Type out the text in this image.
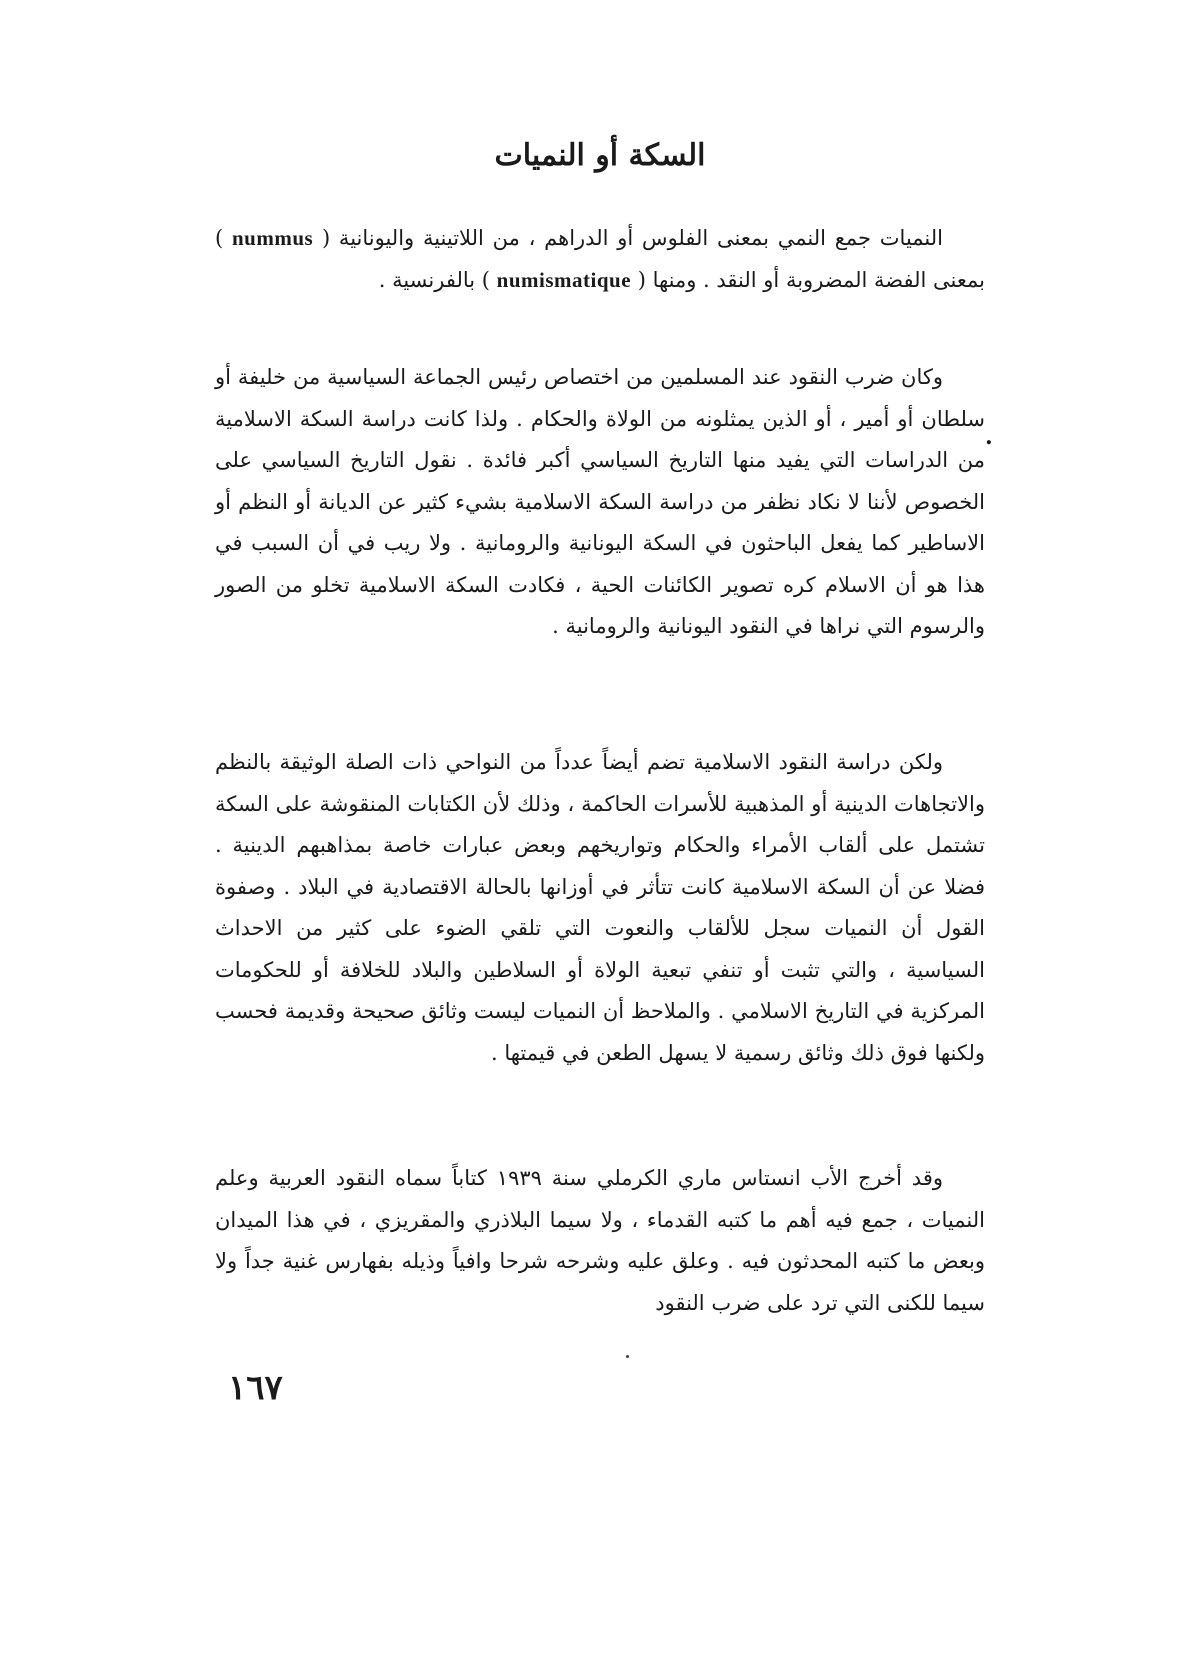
السكة أو النميات
النميات جمع النمي بمعنى الفلوس أو الدراهم ، من اللاتينية واليونانية ( nummus ) بمعنى الفضة المضروبة أو النقد . ومنها ( numismatique ) بالفرنسية .
وكان ضرب النقود عند المسلمين من اختصاص رئيس الجماعة السياسية من خليفة أو سلطان أو أمير ، أو الذين يمثلونه من الولاة والحكام . ولذا كانت دراسة السكة الاسلامية من الدراسات التي يفيد منها التاريخ السياسي أكبر فائدة . نقول التاريخ السياسي على الخصوص لأننا لا نكاد نظفر من دراسة السكة الاسلامية بشيء كثير عن الديانة أو النظم أو الاساطير كما يفعل الباحثون في السكة اليونانية والرومانية . ولا ريب في أن السبب في هذا هو أن الاسلام كره تصوير الكائنات الحية ، فكادت السكة الاسلامية تخلو من الصور والرسوم التي نراها في النقود اليونانية والرومانية .
.
ولكن دراسة النقود الاسلامية تضم أيضاً عدداً من النواحي ذات الصلة الوثيقة بالنظم والاتجاهات الدينية أو المذهبية للأسرات الحاكمة ، وذلك لأن الكتابات المنقوشة على السكة تشتمل على ألقاب الأمراء والحكام وتواريخهم وبعض عبارات خاصة بمذاهبهم الدينية . فضلا عن أن السكة الاسلامية كانت تتأثر في أوزانها بالحالة الاقتصادية في البلاد . وصفوة القول أن النميات سجل للألقاب والنعوت التي تلقي الضوء على كثير من الاحداث السياسية ، والتي تثبت أو تنفي تبعية الولاة أو السلاطين والبلاد للخلافة أو للحكومات المركزية في التاريخ الاسلامي . والملاحظ أن النميات ليست وثائق صحيحة وقديمة فحسب ولكنها فوق ذلك وثائق رسمية لا يسهل الطعن في قيمتها .
وقد أخرج الأب انستاس ماري الكرملي سنة ١٩٣٩ كتاباً سماه النقود العربية وعلم النميات ، جمع فيه أهم ما كتبه القدماء ، ولا سيما البلاذري والمقريزي ، في هذا الميدان وبعض ما كتبه المحدثون فيه . وعلق عليه وشرحه شرحا وافياً وذيله بفهارس غنية جداً ولا سيما للكنى التي ترد على ضرب النقود
١٦٧
